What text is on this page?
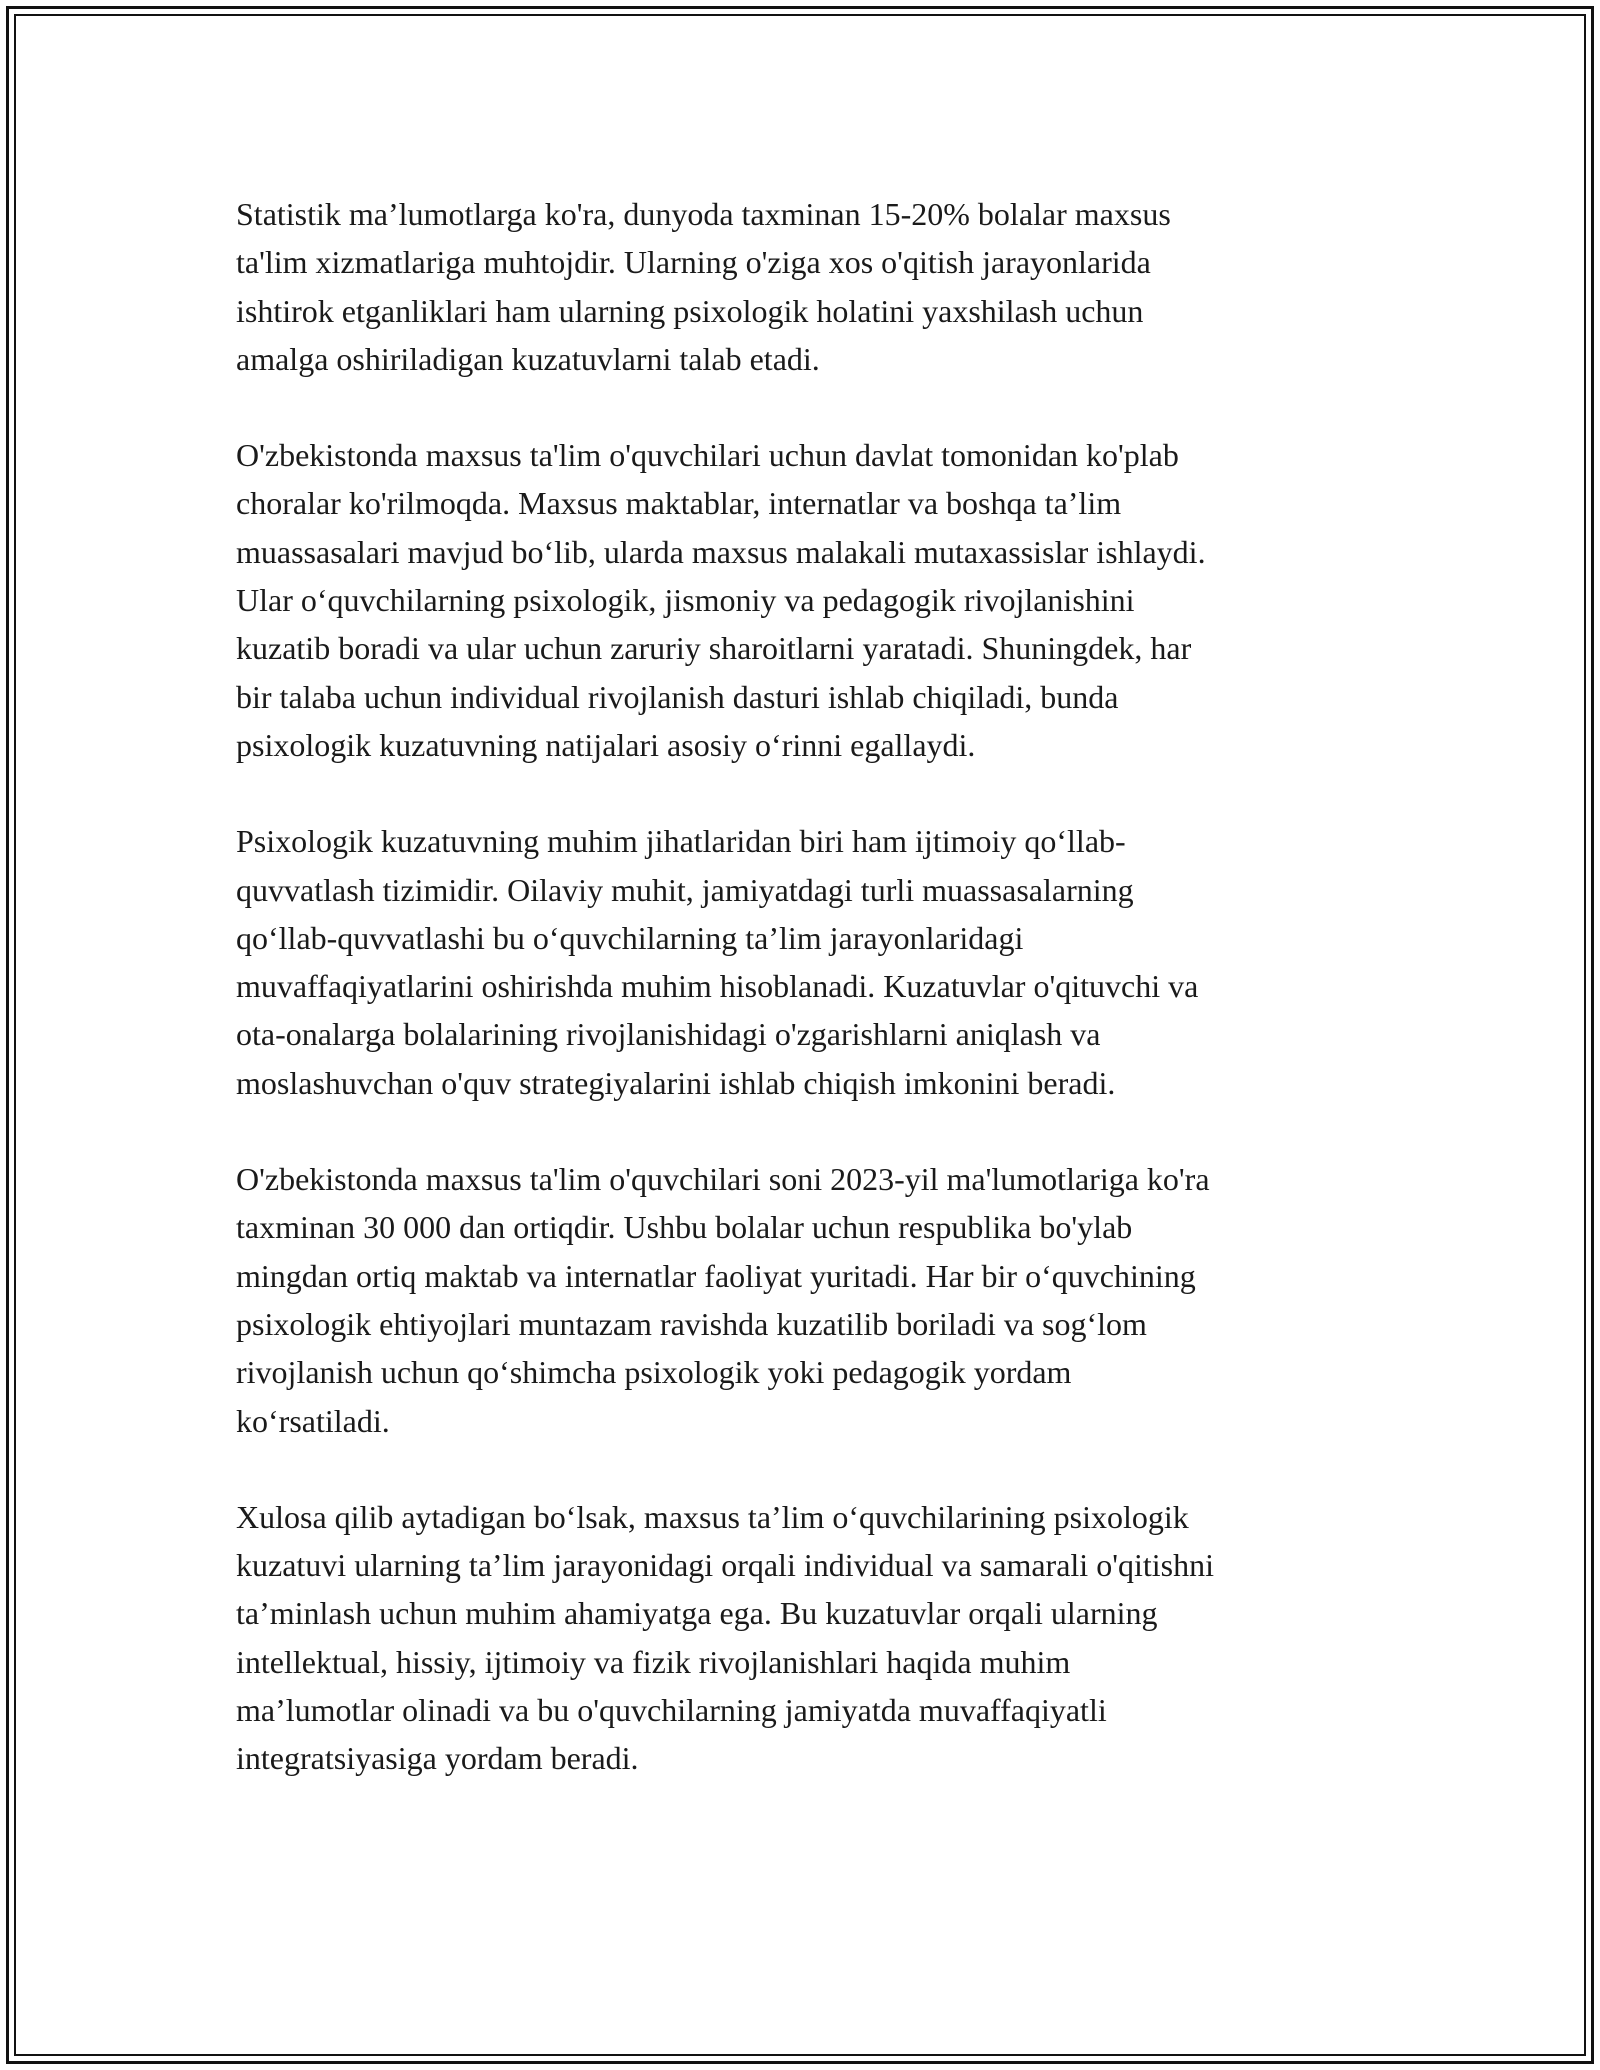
Statistik ma’lumotlarga ko'ra, dunyoda taxminan 15-20% bolalar maxsus
ta'lim xizmatlariga muhtojdir. Ularning o'ziga xos o'qitish jarayonlarida
ishtirok etganliklari ham ularning psixologik holatini yaxshilash uchun
amalga oshiriladigan kuzatuvlarni talab etadi.

O'zbekistonda maxsus ta'lim o'quvchilari uchun davlat tomonidan ko'plab
choralar ko'rilmoqda. Maxsus maktablar, internatlar va boshqa ta’lim
muassasalari mavjud bo‘lib, ularda maxsus malakali mutaxassislar ishlaydi.
Ular o‘quvchilarning psixologik, jismoniy va pedagogik rivojlanishini
kuzatib boradi va ular uchun zaruriy sharoitlarni yaratadi. Shuningdek, har
bir talaba uchun individual rivojlanish dasturi ishlab chiqiladi, bunda
psixologik kuzatuvning natijalari asosiy o‘rinni egallaydi.

Psixologik kuzatuvning muhim jihatlaridan biri ham ijtimoiy qo‘llab-
quvvatlash tizimidir. Oilaviy muhit, jamiyatdagi turli muassasalarning
qo‘llab-quvvatlashi bu o‘quvchilarning ta’lim jarayonlaridagi
muvaffaqiyatlarini oshirishda muhim hisoblanadi. Kuzatuvlar o'qituvchi va
ota-onalarga bolalarining rivojlanishidagi o'zgarishlarni aniqlash va
moslashuvchan o'quv strategiyalarini ishlab chiqish imkonini beradi.

O'zbekistonda maxsus ta'lim o'quvchilari soni 2023-yil ma'lumotlariga ko'ra
taxminan 30 000 dan ortiqdir. Ushbu bolalar uchun respublika bo'ylab
mingdan ortiq maktab va internatlar faoliyat yuritadi. Har bir o‘quvchining
psixologik ehtiyojlari muntazam ravishda kuzatilib boriladi va sog‘lom
rivojlanish uchun qo‘shimcha psixologik yoki pedagogik yordam
ko‘rsatiladi.

Xulosa qilib aytadigan bo‘lsak, maxsus ta’lim o‘quvchilarining psixologik
kuzatuvi ularning ta’lim jarayonidagi orqali individual va samarali o'qitishni
ta’minlash uchun muhim ahamiyatga ega. Bu kuzatuvlar orqali ularning
intellektual, hissiy, ijtimoiy va fizik rivojlanishlari haqida muhim
ma’lumotlar olinadi va bu o'quvchilarning jamiyatda muvaffaqiyatli
integratsiyasiga yordam beradi.
